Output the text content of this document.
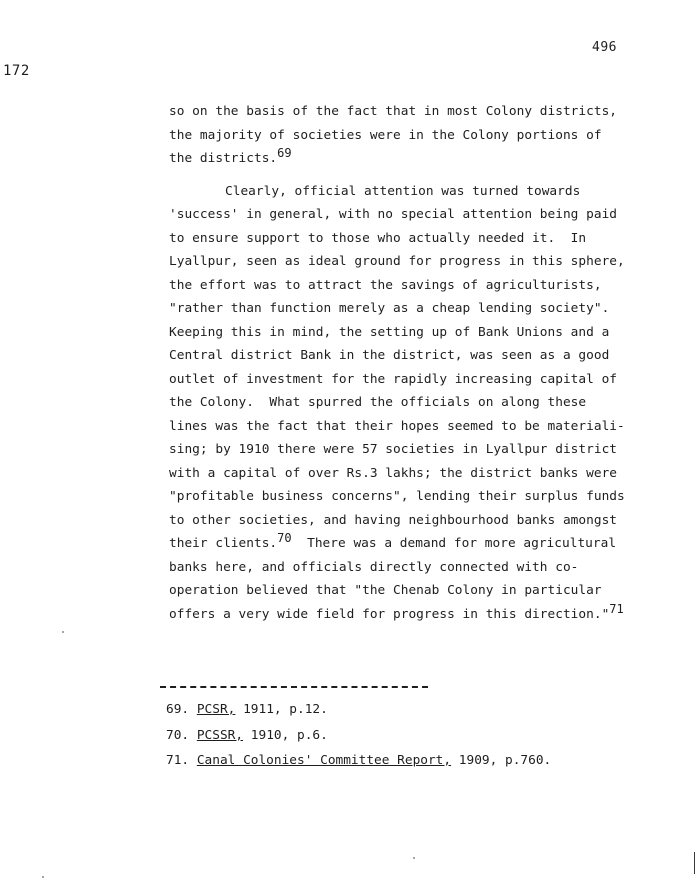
172
496
so on the basis of the fact that in most Colony districts,
the majority of societies were in the Colony portions of
the districts.$^{69}$
Clearly, official attention was turned towards
'success' in general, with no special attention being paid
to ensure support to those who actually needed it.  In
Lyallpur, seen as ideal ground for progress in this sphere,
the effort was to attract the savings of agriculturists,
"rather than function merely as a cheap lending society".
Keeping this in mind, the setting up of Bank Unions and a
Central district Bank in the district, was seen as a good
outlet of investment for the rapidly increasing capital of
the Colony.  What spurred the officials on along these
lines was the fact that their hopes seemed to be materiali-
sing; by 1910 there were 57 societies in Lyallpur district
with a capital of over Rs.3 lakhs; the district banks were
"profitable business concerns", lending their surplus funds
to other societies, and having neighbourhood banks amongst
their clients.$^{70}$  There was a demand for more agricultural
banks here, and officials directly connected with co-
operation believed that "the Chenab Colony in particular
offers a very wide field for progress in this direction."$^{71}$
69. PCSR, 1911, p.12.
70. PCSSR, 1910, p.6.
71. Canal Colonies' Committee Report, 1909, p.760.
